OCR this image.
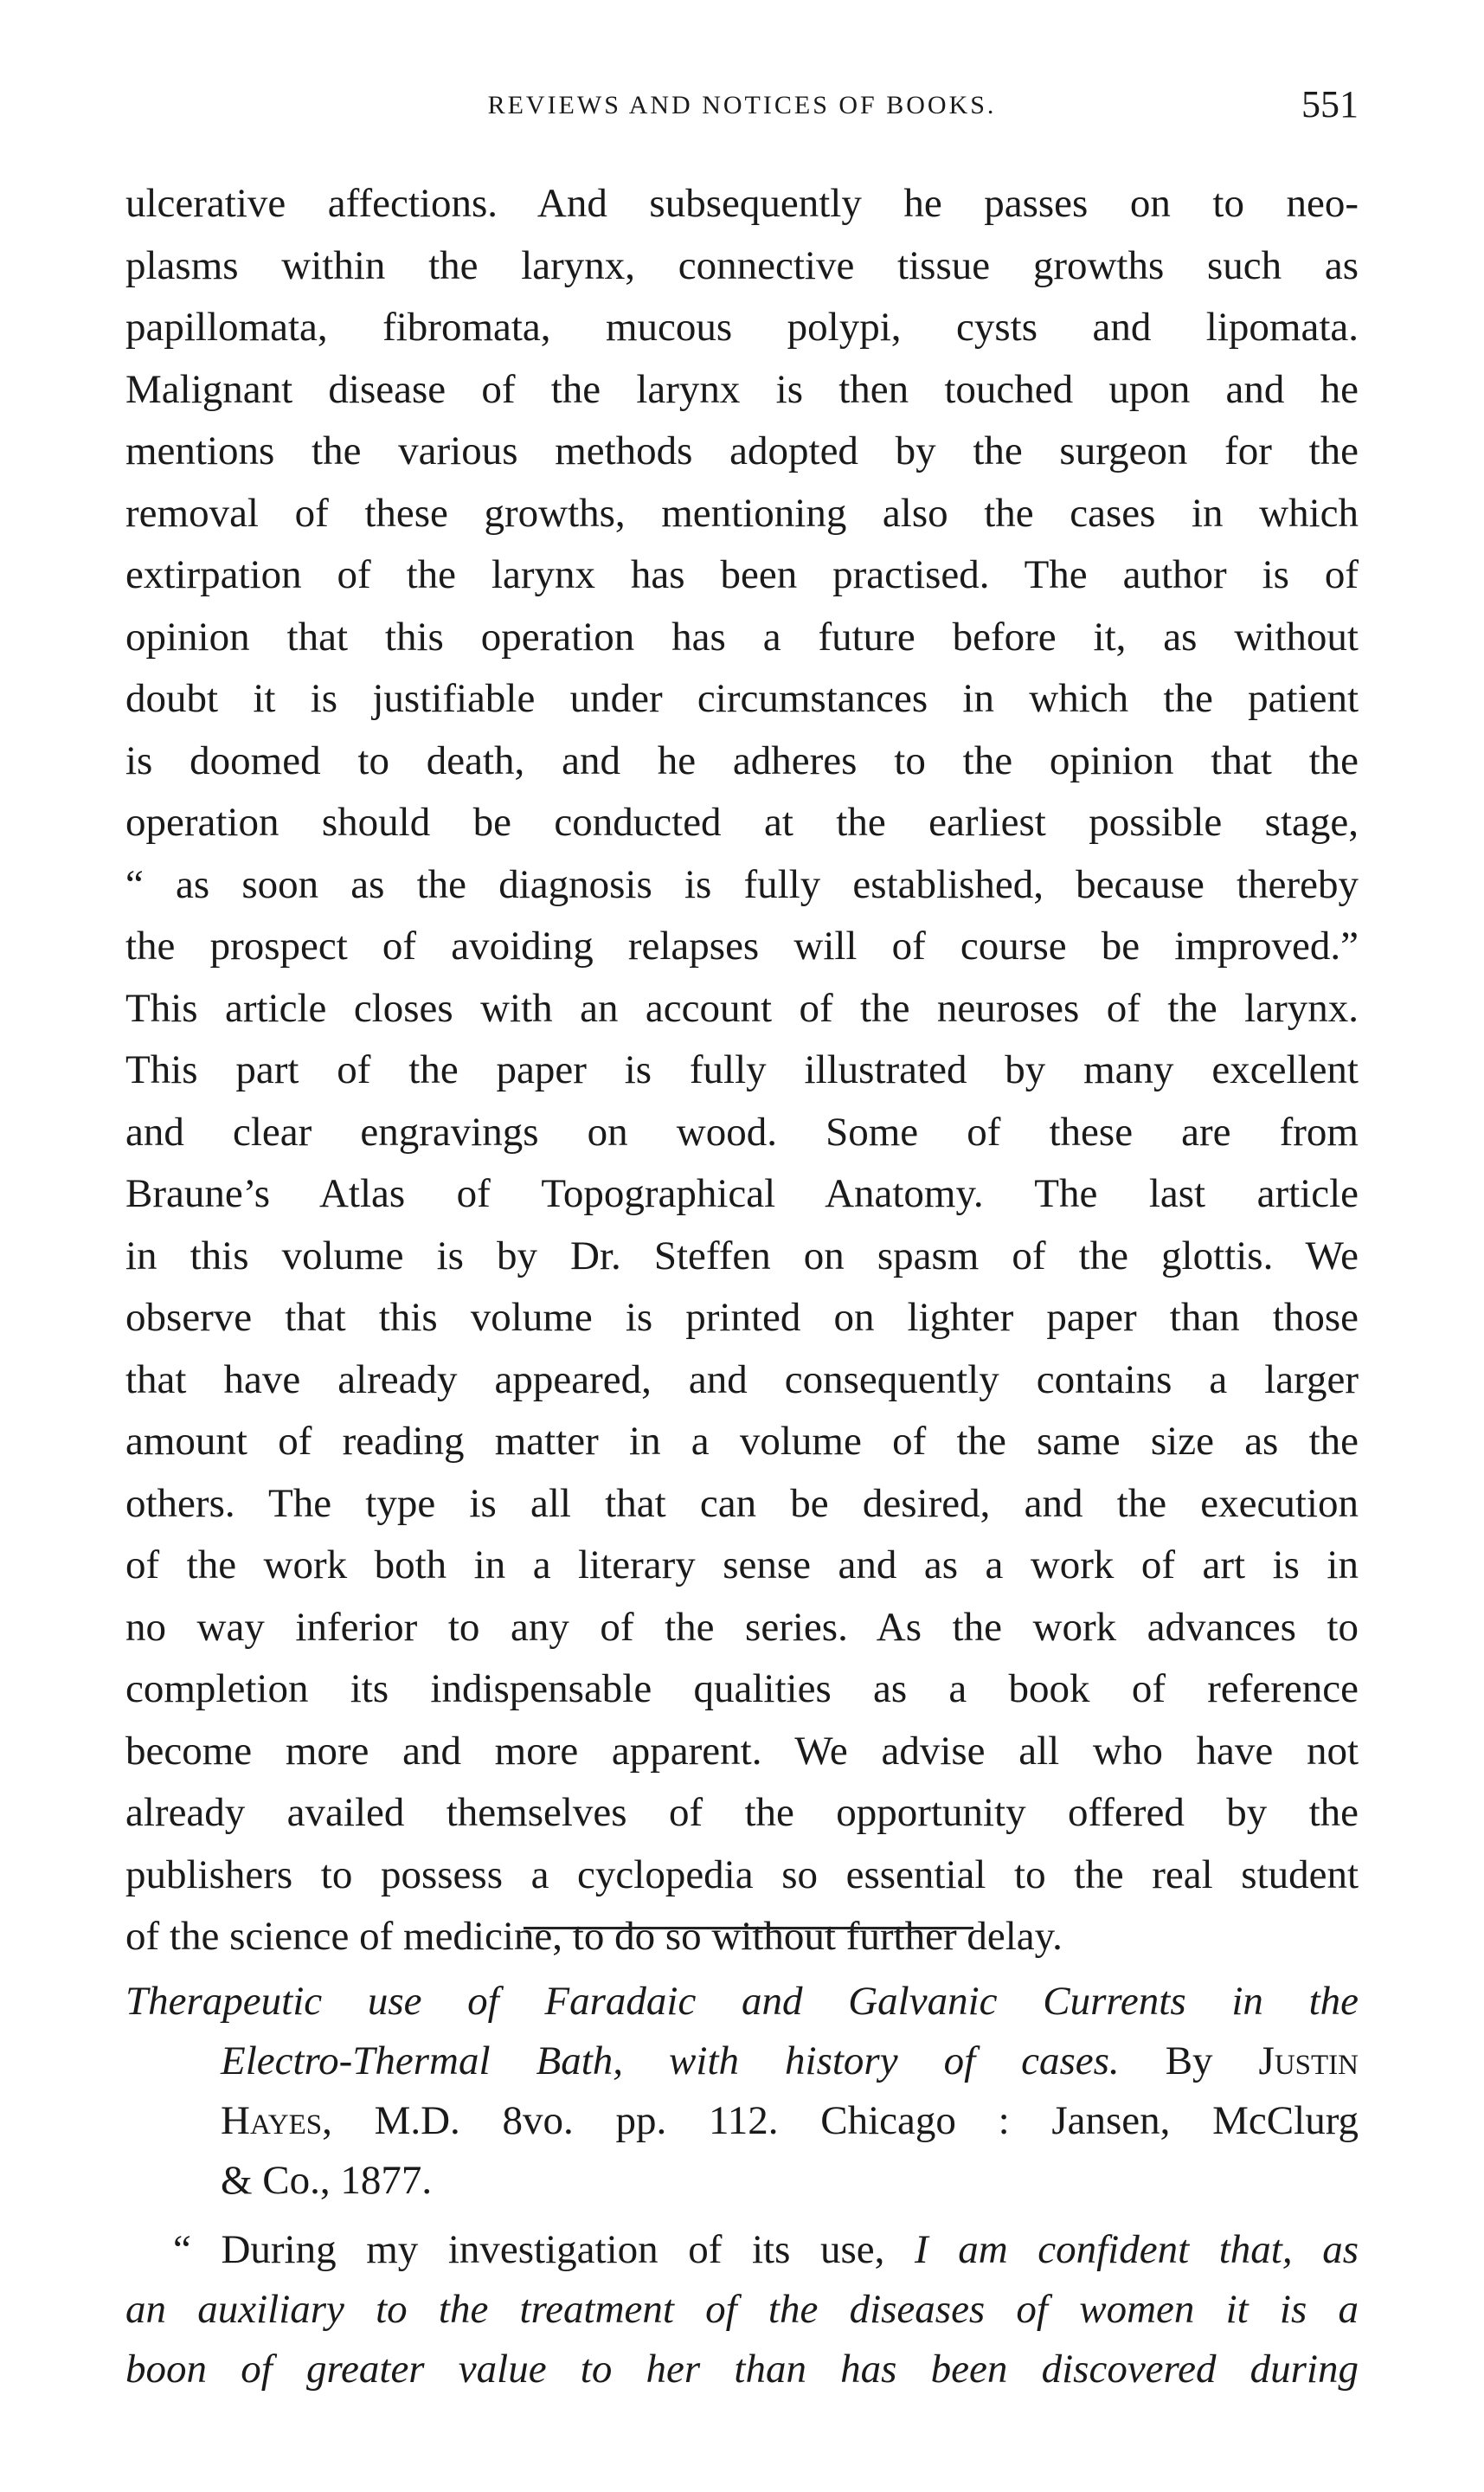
REVIEWS AND NOTICES OF BOOKS.	551
ulcerative affections. And subsequently he passes on to neo-
plasms within the larynx, connective tissue growths such as
papillomata, fibromata, mucous polypi, cysts and lipomata.
Malignant disease of the larynx is then touched upon and he
mentions the various methods adopted by the surgeon for the
removal of these growths, mentioning also the cases in which
extirpation of the larynx has been practised. The author is of
opinion that this operation has a future before it, as without
doubt it is justifiable under circumstances in which the patient
is doomed to death, and he adheres to the opinion that the
operation should be conducted at the earliest possible stage,
“ as soon as the diagnosis is fully established, because thereby
the prospect of avoiding relapses will of course be improved.”
This article closes with an account of the neuroses of the larynx.
This part of the paper is fully illustrated by many excellent
and clear engravings on wood. Some of these are from
Braune’s Atlas of Topographical Anatomy. The last article
in this volume is by Dr. Steffen on spasm of the glottis. We
observe that this volume is printed on lighter paper than those
that have already appeared, and consequently contains a larger
amount of reading matter in a volume of the same size as the
others. The type is all that can be desired, and the execution
of the work both in a literary sense and as a work of art is in
no way inferior to any of the series. As the work advances to
completion its indispensable qualities as a book of reference
become more and more apparent. We advise all who have not
already availed themselves of the opportunity offered by the
publishers to possess a cyclopedia so essential to the real student
of the science of medicine, to do so without further delay.
Therapeutic use of Faradaic and Galvanic Currents in the
Electro-Thermal Bath, with history of cases. By Justin
Hayes, M.D. 8vo. pp. 112. Chicago : Jansen, McClurg
& Co., 1877.
“ During my investigation of its use, I am confident that, as
an auxiliary to the treatment of the diseases of women it is a
boon of greater value to her than has been discovered during
